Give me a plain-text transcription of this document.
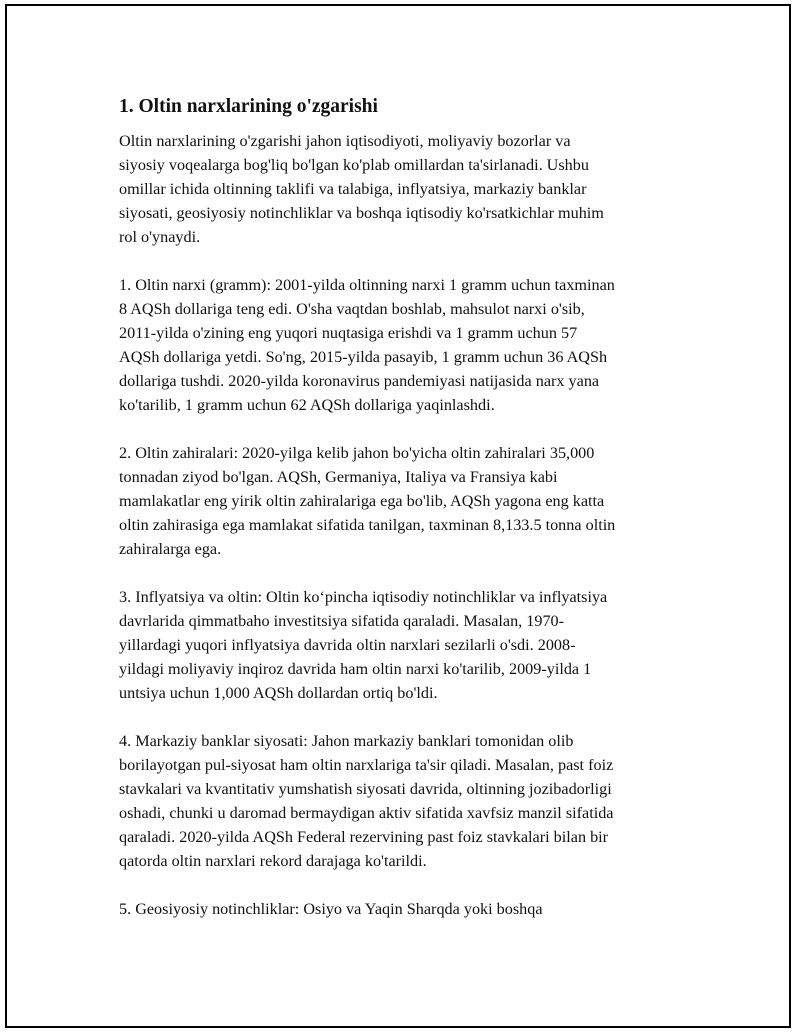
1. Oltin narxlarining o'zgarishi

Oltin narxlarining o'zgarishi jahon iqtisodiyoti, moliyaviy bozorlar va
siyosiy voqealarga bog'liq bo'lgan ko'plab omillardan ta'sirlanadi. Ushbu
omillar ichida oltinning taklifi va talabiga, inflyatsiya, markaziy banklar
siyosati, geosiyosiy notinchliklar va boshqa iqtisodiy ko'rsatkichlar muhim
rol o'ynaydi.

1. Oltin narxi (gramm): 2001-yilda oltinning narxi 1 gramm uchun taxminan
8 AQSh dollariga teng edi. O'sha vaqtdan boshlab, mahsulot narxi o'sib,
2011-yilda o'zining eng yuqori nuqtasiga erishdi va 1 gramm uchun 57
AQSh dollariga yetdi. So'ng, 2015-yilda pasayib, 1 gramm uchun 36 AQSh
dollariga tushdi. 2020-yilda koronavirus pandemiyasi natijasida narx yana
ko'tarilib, 1 gramm uchun 62 AQSh dollariga yaqinlashdi.

2. Oltin zahiralari: 2020-yilga kelib jahon bo'yicha oltin zahiralari 35,000
tonnadan ziyod bo'lgan. AQSh, Germaniya, Italiya va Fransiya kabi
mamlakatlar eng yirik oltin zahiralariga ega bo'lib, AQSh yagona eng katta
oltin zahirasiga ega mamlakat sifatida tanilgan, taxminan 8,133.5 tonna oltin
zahiralarga ega.

3. Inflyatsiya va oltin: Oltin ko‘pincha iqtisodiy notinchliklar va inflyatsiya
davrlarida qimmatbaho investitsiya sifatida qaraladi. Masalan, 1970-
yillardagi yuqori inflyatsiya davrida oltin narxlari sezilarli o'sdi. 2008-
yildagi moliyaviy inqiroz davrida ham oltin narxi ko'tarilib, 2009-yilda 1
untsiya uchun 1,000 AQSh dollardan ortiq bo'ldi.

4. Markaziy banklar siyosati: Jahon markaziy banklari tomonidan olib
borilayotgan pul-siyosat ham oltin narxlariga ta'sir qiladi. Masalan, past foiz
stavkalari va kvantitativ yumshatish siyosati davrida, oltinning jozibadorligi
oshadi, chunki u daromad bermaydigan aktiv sifatida xavfsiz manzil sifatida
qaraladi. 2020-yilda AQSh Federal rezervining past foiz stavkalari bilan bir
qatorda oltin narxlari rekord darajaga ko'tarildi.

5. Geosiyosiy notinchliklar: Osiyo va Yaqin Sharqda yoki boshqa
